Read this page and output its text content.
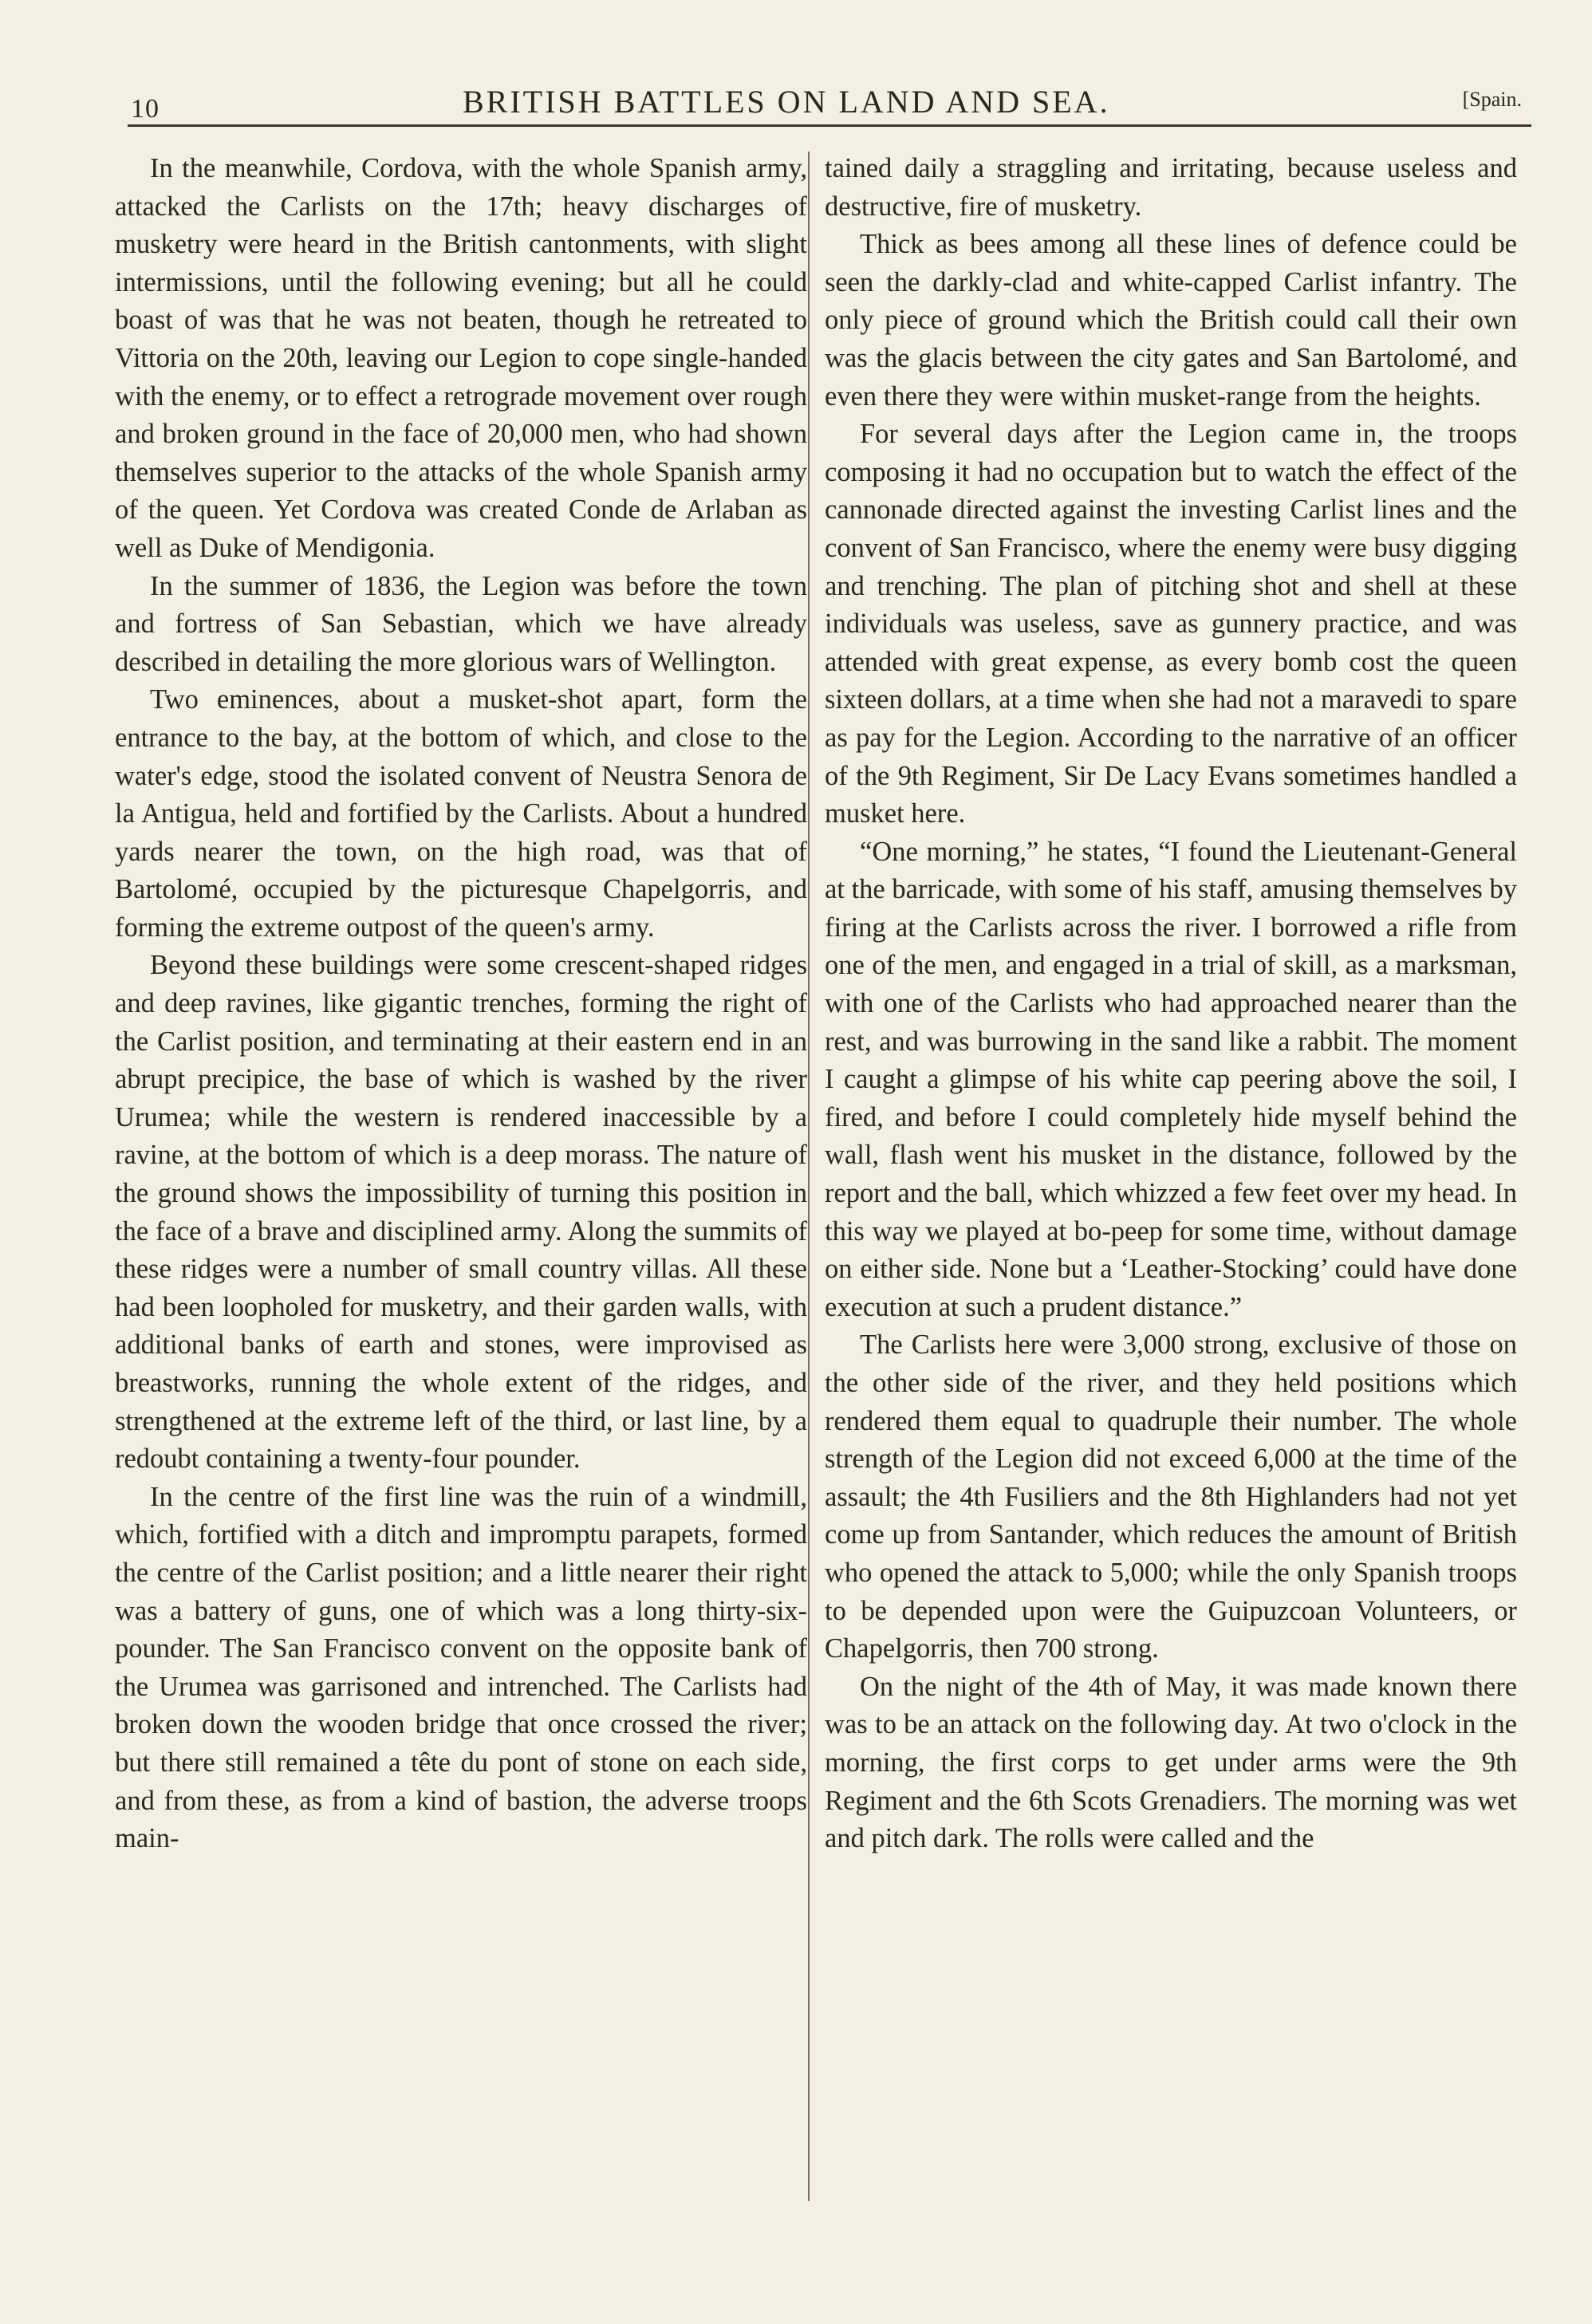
10	BRITISH BATTLES ON LAND AND SEA.	[Spain.

In the meanwhile, Cordova, with the whole Spanish army, attacked the Carlists on the 17th; heavy discharges of musketry were heard in the British cantonments, with slight intermissions, until the following evening; but all he could boast of was that he was not beaten, though he retreated to Vittoria on the 20th, leaving our Legion to cope single-handed with the enemy, or to effect a retrograde movement over rough and broken ground in the face of 20,000 men, who had shown themselves superior to the attacks of the whole Spanish army of the queen. Yet Cordova was created Conde de Arlaban as well as Duke of Mendigonia.

In the summer of 1836, the Legion was before the town and fortress of San Sebastian, which we have already described in detailing the more glorious wars of Wellington.

Two eminences, about a musket-shot apart, form the entrance to the bay, at the bottom of which, and close to the water's edge, stood the isolated convent of Neustra Senora de la Antigua, held and fortified by the Carlists. About a hundred yards nearer the town, on the high road, was that of Bartolomé, occupied by the picturesque Chapelgorris, and forming the extreme outpost of the queen's army.

Beyond these buildings were some crescent-shaped ridges and deep ravines, like gigantic trenches, forming the right of the Carlist position, and terminating at their eastern end in an abrupt precipice, the base of which is washed by the river Urumea; while the western is rendered inaccessible by a ravine, at the bottom of which is a deep morass. The nature of the ground shows the impossibility of turning this position in the face of a brave and disciplined army. Along the summits of these ridges were a number of small country villas. All these had been loopholed for musketry, and their garden walls, with additional banks of earth and stones, were improvised as breastworks, running the whole extent of the ridges, and strengthened at the extreme left of the third, or last line, by a redoubt containing a twenty-four pounder.

In the centre of the first line was the ruin of a windmill, which, fortified with a ditch and impromptu parapets, formed the centre of the Carlist position; and a little nearer their right was a battery of guns, one of which was a long thirty-six-pounder. The San Francisco convent on the opposite bank of the Urumea was garrisoned and intrenched. The Carlists had broken down the wooden bridge that once crossed the river; but there still remained a tête du pont of stone on each side, and from these, as from a kind of bastion, the adverse troops main-

tained daily a straggling and irritating, because useless and destructive, fire of musketry.

Thick as bees among all these lines of defence could be seen the darkly-clad and white-capped Carlist infantry. The only piece of ground which the British could call their own was the glacis between the city gates and San Bartolomé, and even there they were within musket-range from the heights.

For several days after the Legion came in, the troops composing it had no occupation but to watch the effect of the cannonade directed against the investing Carlist lines and the convent of San Francisco, where the enemy were busy digging and trenching. The plan of pitching shot and shell at these individuals was useless, save as gunnery practice, and was attended with great expense, as every bomb cost the queen sixteen dollars, at a time when she had not a maravedi to spare as pay for the Legion. According to the narrative of an officer of the 9th Regiment, Sir De Lacy Evans sometimes handled a musket here.

“One morning,” he states, “I found the Lieutenant-General at the barricade, with some of his staff, amusing themselves by firing at the Carlists across the river. I borrowed a rifle from one of the men, and engaged in a trial of skill, as a marksman, with one of the Carlists who had approached nearer than the rest, and was burrowing in the sand like a rabbit. The moment I caught a glimpse of his white cap peering above the soil, I fired, and before I could completely hide myself behind the wall, flash went his musket in the distance, followed by the report and the ball, which whizzed a few feet over my head. In this way we played at bo-peep for some time, without damage on either side. None but a ‘Leather-Stocking’ could have done execution at such a prudent distance.”

The Carlists here were 3,000 strong, exclusive of those on the other side of the river, and they held positions which rendered them equal to quadruple their number. The whole strength of the Legion did not exceed 6,000 at the time of the assault; the 4th Fusiliers and the 8th Highlanders had not yet come up from Santander, which reduces the amount of British who opened the attack to 5,000; while the only Spanish troops to be depended upon were the Guipuzcoan Volunteers, or Chapelgorris, then 700 strong.

On the night of the 4th of May, it was made known there was to be an attack on the following day. At two o'clock in the morning, the first corps to get under arms were the 9th Regiment and the 6th Scots Grenadiers. The morning was wet and pitch dark. The rolls were called and the
